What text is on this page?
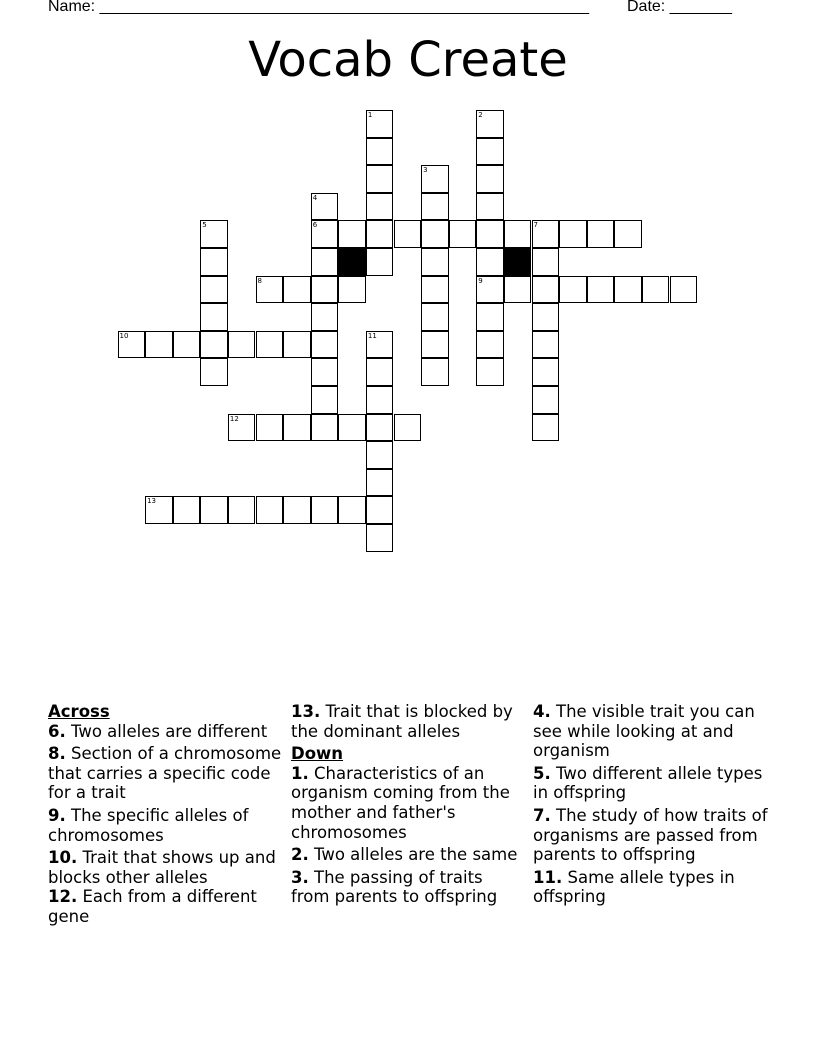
Name: _______________________________________________________ Date: _______
Vocab Create
1	2
9
3
4
6
5	7
8
10	11
12
13
Across
6. Two alleles are different
8. Section of a chromosome that carries a specific code for a trait
9. The specific alleles of chromosomes
10. Trait that shows up and blocks other alleles
12. Each from a different gene
13. Trait that is blocked by the dominant alleles
Down
1. Characteristics of an organism coming from the mother and father's chromosomes
2. Two alleles are the same
3. The passing of traits from parents to offspring
4. The visible trait you can see while looking at and organism
5. Two different allele types in offspring
7. The study of how traits of organisms are passed from parents to offspring
11. Same allele types in offspring
